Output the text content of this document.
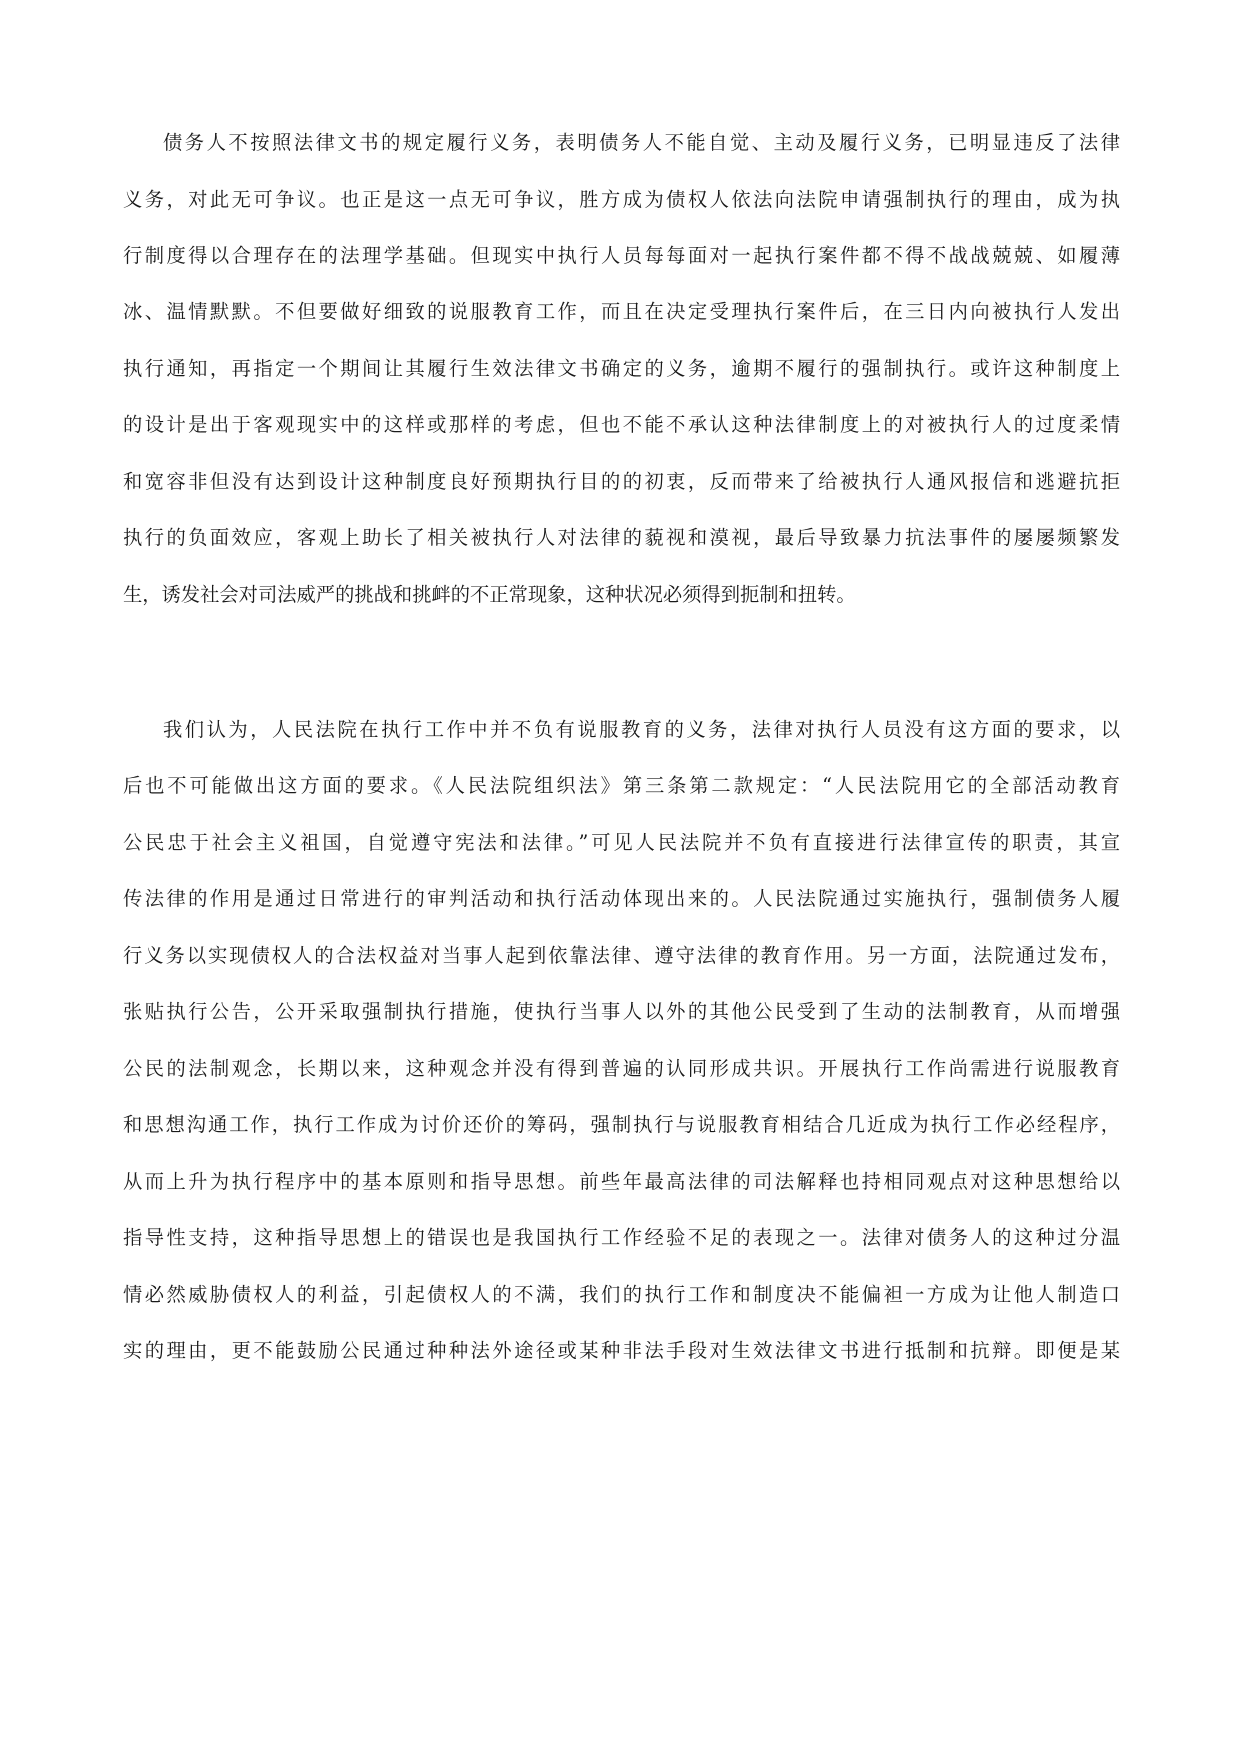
债务人不按照法律文书的规定履行义务，表明债务人不能自觉、主动及履行义务，已明显违反了法律

义务，对此无可争议。也正是这一点无可争议，胜方成为债权人依法向法院申请强制执行的理由，成为执

行制度得以合理存在的法理学基础。但现实中执行人员每每面对一起执行案件都不得不战战兢兢、如履薄

冰、温情默默。不但要做好细致的说服教育工作，而且在决定受理执行案件后，在三日内向被执行人发出

执行通知，再指定一个期间让其履行生效法律文书确定的义务，逾期不履行的强制执行。或许这种制度上

的设计是出于客观现实中的这样或那样的考虑，但也不能不承认这种法律制度上的对被执行人的过度柔情

和宽容非但没有达到设计这种制度良好预期执行目的的初衷，反而带来了给被执行人通风报信和逃避抗拒

执行的负面效应，客观上助长了相关被执行人对法律的藐视和漠视，最后导致暴力抗法事件的屡屡频繁发

生，诱发社会对司法威严的挑战和挑衅的不正常现象，这种状况必须得到扼制和扭转。

我们认为，人民法院在执行工作中并不负有说服教育的义务，法律对执行人员没有这方面的要求，以

后也不可能做出这方面的要求。《人民法院组织法》第三条第二款规定：“人民法院用它的全部活动教育

公民忠于社会主义祖国，自觉遵守宪法和法律。”可见人民法院并不负有直接进行法律宣传的职责，其宣

传法律的作用是通过日常进行的审判活动和执行活动体现出来的。人民法院通过实施执行，强制债务人履

行义务以实现债权人的合法权益对当事人起到依靠法律、遵守法律的教育作用。另一方面，法院通过发布，

张贴执行公告，公开采取强制执行措施，使执行当事人以外的其他公民受到了生动的法制教育，从而增强

公民的法制观念，长期以来，这种观念并没有得到普遍的认同形成共识。开展执行工作尚需进行说服教育

和思想沟通工作，执行工作成为讨价还价的筹码，强制执行与说服教育相结合几近成为执行工作必经程序，

从而上升为执行程序中的基本原则和指导思想。前些年最高法律的司法解释也持相同观点对这种思想给以

指导性支持，这种指导思想上的错误也是我国执行工作经验不足的表现之一。法律对债务人的这种过分温

情必然威胁债权人的利益，引起债权人的不满，我们的执行工作和制度决不能偏袒一方成为让他人制造口

实的理由，更不能鼓励公民通过种种法外途径或某种非法手段对生效法律文书进行抵制和抗辩。即便是某
